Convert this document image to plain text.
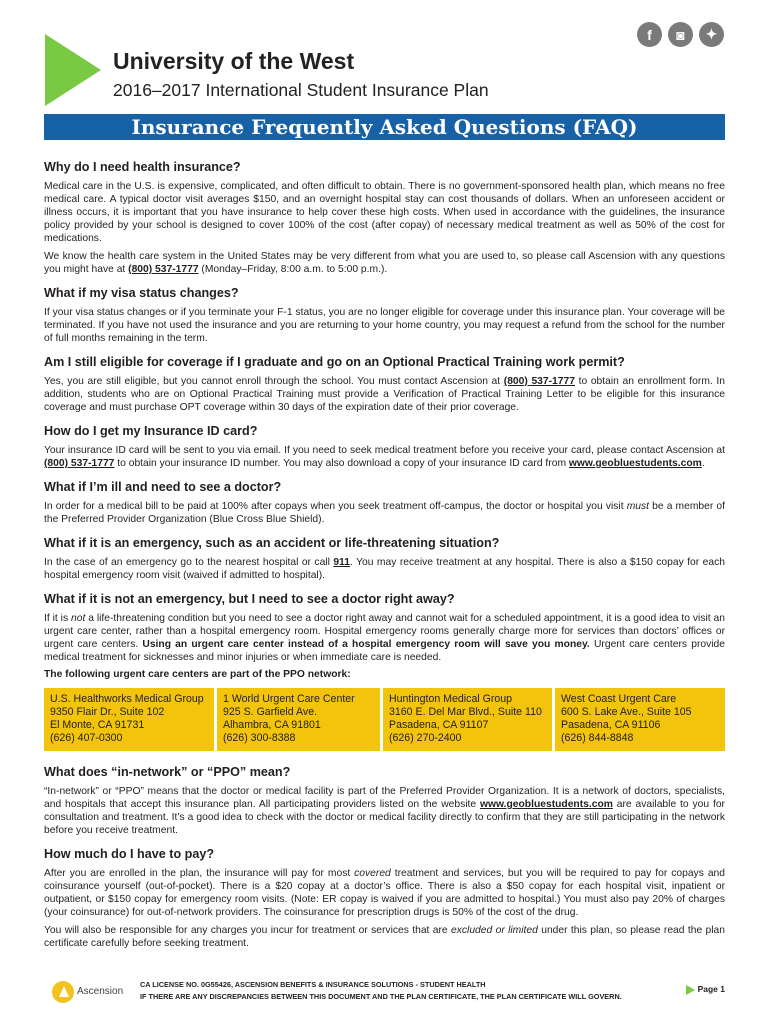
University of the West
2016–2017 International Student Insurance Plan
f	◙	✦
Insurance Frequently Asked Questions (FAQ)
Why do I need health insurance?
Medical care in the U.S. is expensive, complicated, and often difficult to obtain. There is no government-sponsored health plan, which means no free medical care. A typical doctor visit averages $150, and an overnight hospital stay can cost thousands of dollars. When an unforeseen accident or illness occurs, it is important that you have insurance to help cover these high costs. When used in accordance with the guidelines, the insurance policy provided by your school is designed to cover 100% of the cost (after copay) of necessary medical treatment as well as 50% of the cost for medications.
We know the health care system in the United States may be very different from what you are used to, so please call Ascension with any questions you might have at (800) 537-1777 (Monday–Friday, 8:00 a.m. to 5:00 p.m.).
What if my visa status changes?
If your visa status changes or if you terminate your F-1 status, you are no longer eligible for coverage under this insurance plan. Your coverage will be terminated. If you have not used the insurance and you are returning to your home country, you may request a refund from the school for the number of full months remaining in the term.
Am I still eligible for coverage if I graduate and go on an Optional Practical Training work permit?
Yes, you are still eligible, but you cannot enroll through the school. You must contact Ascension at (800) 537-1777 to obtain an enrollment form. In addition, students who are on Optional Practical Training must provide a Verification of Practical Training Letter to be eligible for this insurance coverage and must purchase OPT coverage within 30 days of the expiration date of their prior coverage.
How do I get my Insurance ID card?
Your insurance ID card will be sent to you via email. If you need to seek medical treatment before you receive your card, please contact Ascension at (800) 537-1777 to obtain your insurance ID number. You may also download a copy of your insurance ID card from www.geobluestudents.com.
What if I’m ill and need to see a doctor?
In order for a medical bill to be paid at 100% after copays when you seek treatment off-campus, the doctor or hospital you visit must be a member of the Preferred Provider Organization (Blue Cross Blue Shield).
What if it is an emergency, such as an accident or life-threatening situation?
In the case of an emergency go to the nearest hospital or call 911. You may receive treatment at any hospital. There is also a $150 copay for each hospital emergency room visit (waived if admitted to hospital).
What if it is not an emergency, but I need to see a doctor right away?
If it is not a life-threatening condition but you need to see a doctor right away and cannot wait for a scheduled appointment, it is a good idea to visit an urgent care center, rather than a hospital emergency room. Hospital emergency rooms generally charge more for services than doctors’ offices or urgent care centers. Using an urgent care center instead of a hospital emergency room will save you money. Urgent care centers provide medical treatment for sicknesses and minor injuries or when immediate care is needed.
The following urgent care centers are part of the PPO network:
U.S. Healthworks Medical Group
9350 Flair Dr., Suite 102
El Monte, CA 91731
(626) 407-0300
1 World Urgent Care Center
925 S. Garfield Ave.
Alhambra, CA 91801
(626) 300-8388
Huntington Medical Group
3160 E. Del Mar Blvd., Suite 110
Pasadena, CA 91107
(626) 270-2400
West Coast Urgent Care
600 S. Lake Ave., Suite 105
Pasadena, CA 91106
(626) 844-8848
What does “in-network” or “PPO” mean?
“In-network” or “PPO” means that the doctor or medical facility is part of the Preferred Provider Organization. It is a network of doctors, specialists, and hospitals that accept this insurance plan. All participating providers listed on the website www.geobluestudents.com are available to you for consultation and treatment. It’s a good idea to check with the doctor or medical facility directly to confirm that they are still participating in the network before you receive treatment.
How much do I have to pay?
After you are enrolled in the plan, the insurance will pay for most covered treatment and services, but you will be required to pay for copays and coinsurance yourself (out-of-pocket). There is a $20 copay at a doctor’s office. There is also a $50 copay for each hospital visit, inpatient or outpatient, or $150 copay for emergency room visits. (Note: ER copay is waived if you are admitted to hospital.) You must also pay 20% of charges (your coinsurance) for out-of-network providers. The coinsurance for prescription drugs is 50% of the cost of the drug.
You will also be responsible for any charges you incur for treatment or services that are excluded or limited under this plan, so please read the plan certificate carefully before seeking treatment.
Ascension
CA LICENSE NO. 0G55426, ASCENSION BENEFITS & INSURANCE SOLUTIONS - STUDENT HEALTH
IF THERE ARE ANY DISCREPANCIES BETWEEN THIS DOCUMENT AND THE PLAN CERTIFICATE, THE PLAN CERTIFICATE WILL GOVERN.
Page 1
